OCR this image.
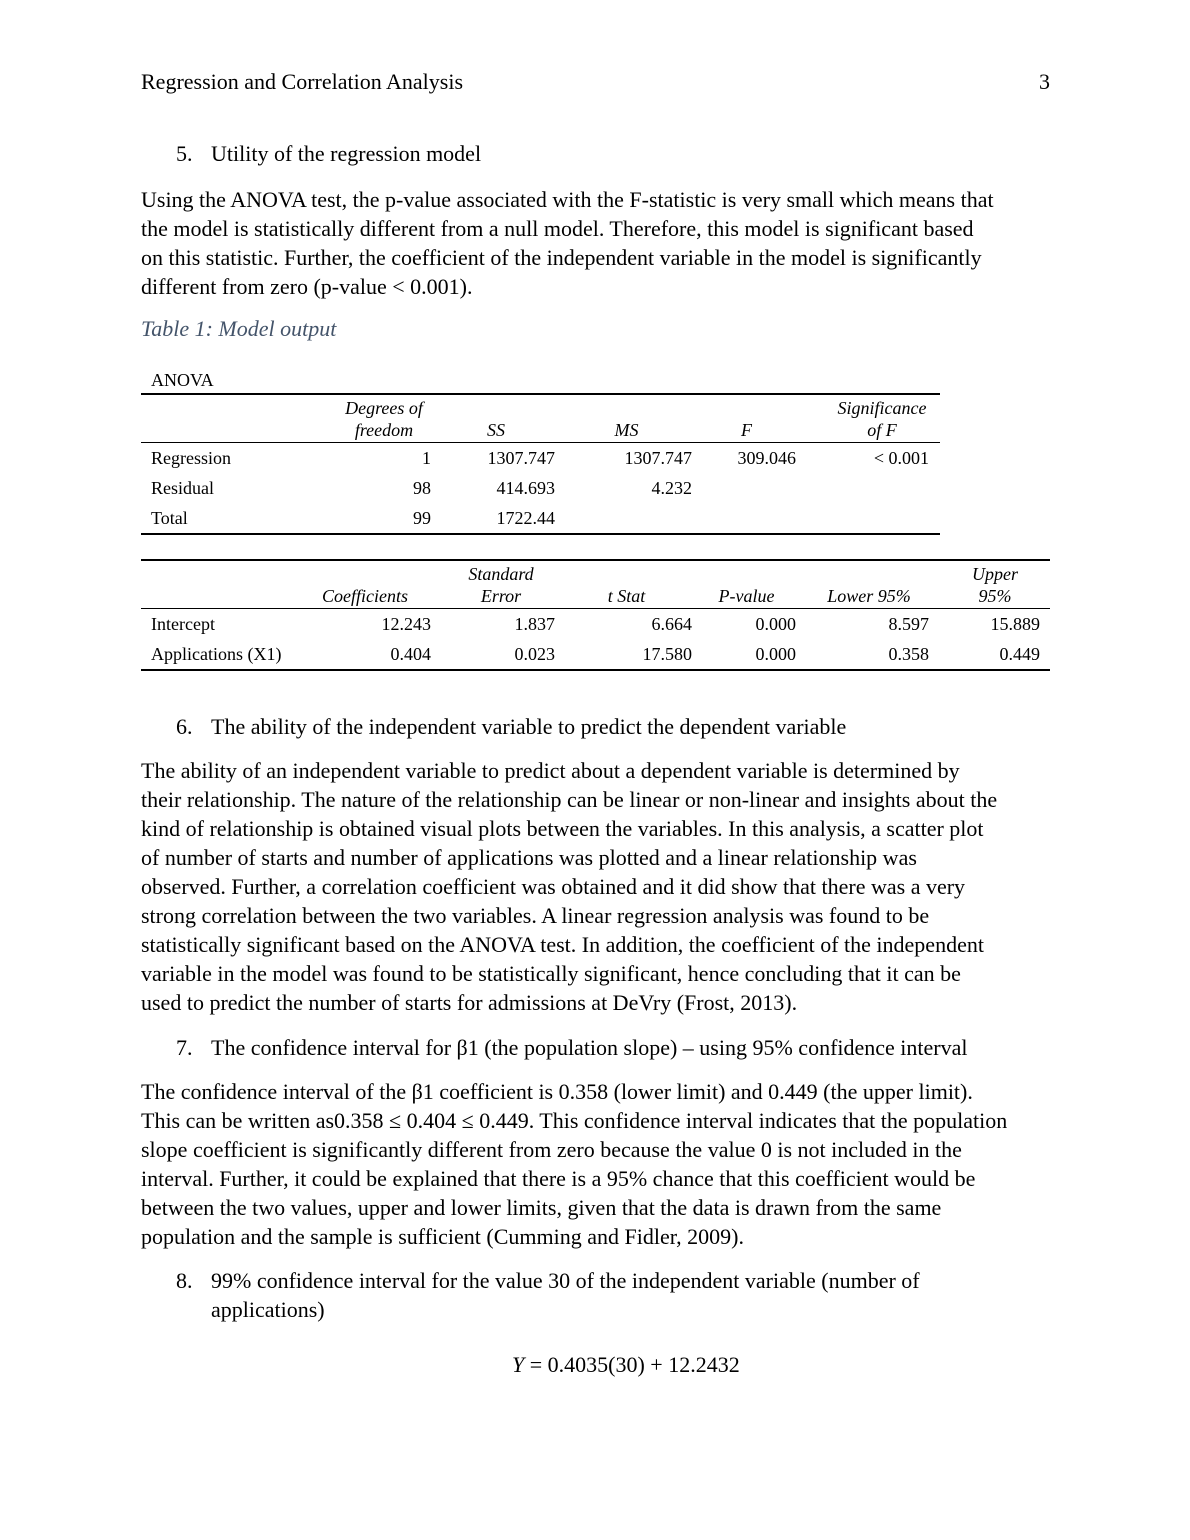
Regression and Correlation Analysis	3
5. Utility of the regression model
Using the ANOVA test, the p-value associated with the F-statistic is very small which means that
the model is statistically different from a null model. Therefore, this model is significant based
on this statistic. Further, the coefficient of the independent variable in the model is significantly
different from zero (p-value < 0.001).
Table 1: Model output
ANOVA
	Degrees of freedom	SS	MS	F	Significance of F
Regression	1	1307.747	1307.747	309.046	< 0.001
Residual	98	414.693	4.232		
Total	99	1722.44			
	Coefficients	Standard Error	t Stat	P-value	Lower 95%	Upper 95%
Intercept	12.243	1.837	6.664	0.000	8.597	15.889
Applications (X1)	0.404	0.023	17.580	0.000	0.358	0.449
6. The ability of the independent variable to predict the dependent variable
The ability of an independent variable to predict about a dependent variable is determined by
their relationship. The nature of the relationship can be linear or non-linear and insights about the
kind of relationship is obtained visual plots between the variables. In this analysis, a scatter plot
of number of starts and number of applications was plotted and a linear relationship was
observed. Further, a correlation coefficient was obtained and it did show that there was a very
strong correlation between the two variables. A linear regression analysis was found to be
statistically significant based on the ANOVA test. In addition, the coefficient of the independent
variable in the model was found to be statistically significant, hence concluding that it can be
used to predict the number of starts for admissions at DeVry (Frost, 2013).
7. The confidence interval for β1 (the population slope) – using 95% confidence interval
The confidence interval of the β1 coefficient is 0.358 (lower limit) and 0.449 (the upper limit).
This can be written as0.358 ≤ 0.404 ≤ 0.449. This confidence interval indicates that the population
slope coefficient is significantly different from zero because the value 0 is not included in the
interval. Further, it could be explained that there is a 95% chance that this coefficient would be
between the two values, upper and lower limits, given that the data is drawn from the same
population and the sample is sufficient (Cumming and Fidler, 2009).
8. 99% confidence interval for the value 30 of the independent variable (number of
applications)
Y = 0.4035(30) + 12.2432
